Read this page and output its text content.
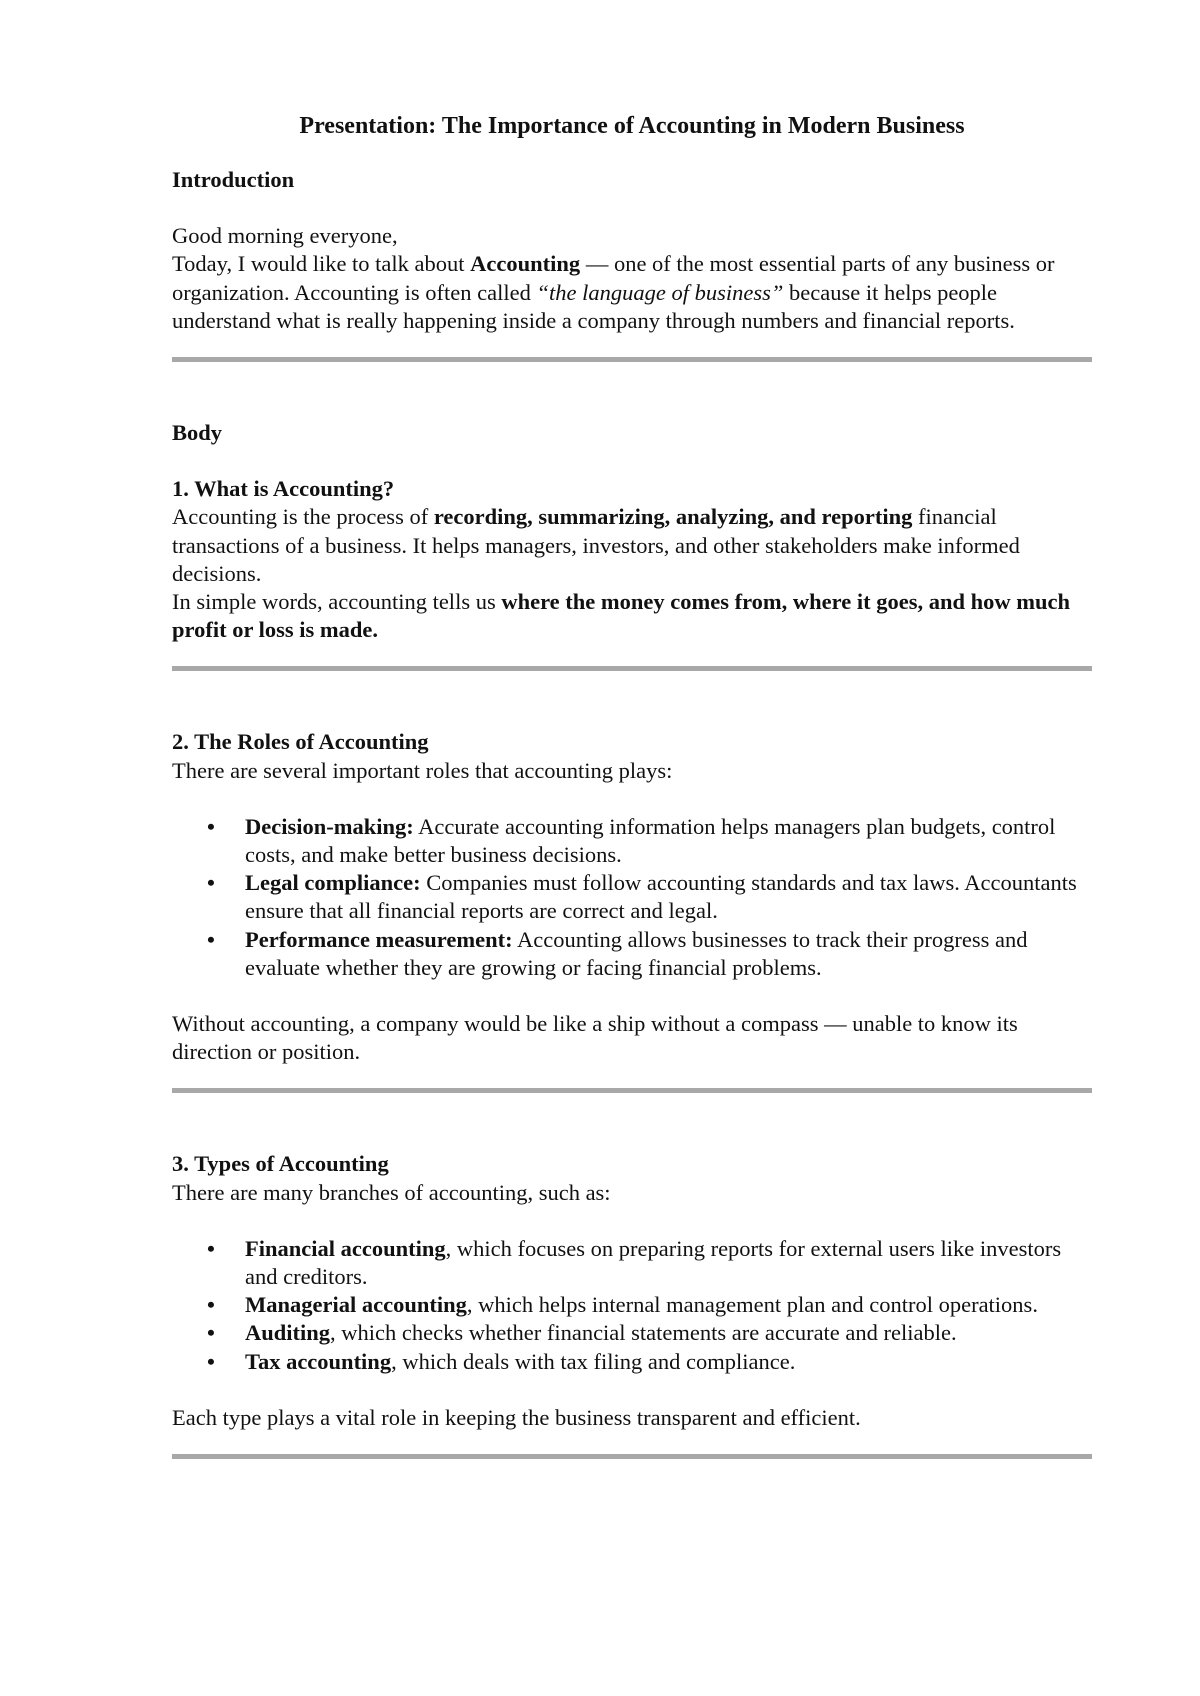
Presentation: The Importance of Accounting in Modern Business

Introduction

Good morning everyone,

Today, I would like to talk about Accounting — one of the most essential parts of any business or organization. Accounting is often called “the language of business” because it helps people understand what is really happening inside a company through numbers and financial reports.

Body

1. What is Accounting?

Accounting is the process of recording, summarizing, analyzing, and reporting financial transactions of a business. It helps managers, investors, and other stakeholders make informed decisions.

In simple words, accounting tells us where the money comes from, where it goes, and how much profit or loss is made.

2. The Roles of Accounting

There are several important roles that accounting plays:

• Decision-making: Accurate accounting information helps managers plan budgets, control costs, and make better business decisions.
• Legal compliance: Companies must follow accounting standards and tax laws. Accountants ensure that all financial reports are correct and legal.
• Performance measurement: Accounting allows businesses to track their progress and evaluate whether they are growing or facing financial problems.

Without accounting, a company would be like a ship without a compass — unable to know its direction or position.

3. Types of Accounting

There are many branches of accounting, such as:

• Financial accounting, which focuses on preparing reports for external users like investors and creditors.
• Managerial accounting, which helps internal management plan and control operations.
• Auditing, which checks whether financial statements are accurate and reliable.
• Tax accounting, which deals with tax filing and compliance.

Each type plays a vital role in keeping the business transparent and efficient.
